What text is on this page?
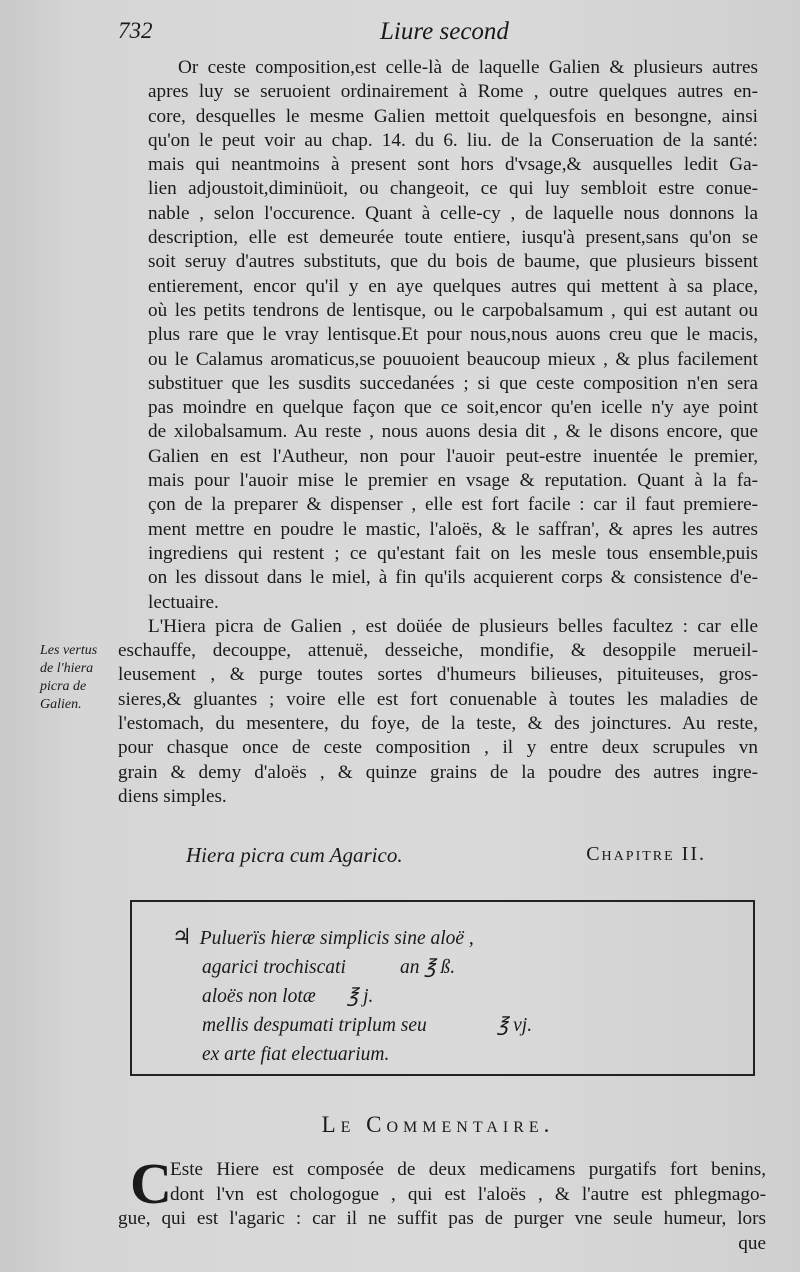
732	Liure second

Or ceste composition,est celle-là de laquelle Galien & plusieurs autres
apres luy se seruoient ordinairement à Rome , outre quelques autres en-
core, desquelles le mesme Galien mettoit quelquesfois en besongne, ainsi
qu'on le peut voir au chap. 14. du 6. liu. de la Conseruation de la santé:
mais qui neantmoins à present sont hors d'vsage,& ausquelles ledit Ga-
lien adjoustoit,diminüoit, ou changeoit, ce qui luy sembloit estre conue-
nable , selon l'occurence. Quant à celle-cy , de laquelle nous donnons la
description, elle est demeurée toute entiere, iusqu'à present,sans qu'on se
soit seruy d'autres substituts, que du bois de baume, que plusieurs bissent
entierement, encor qu'il y en aye quelques autres qui mettent à sa place,
où les petits tendrons de lentisque, ou le carpobalsamum , qui est autant ou
plus rare que le vray lentisque.Et pour nous,nous auons creu que le macis,
ou le Calamus aromaticus,se pouuoient beaucoup mieux , & plus facilement
substituer que les susdits succedanées ; si que ceste composition n'en sera
pas moindre en quelque façon que ce soit,encor qu'en icelle n'y aye point
de xilobalsamum. Au reste , nous auons desia dit , & le disons encore, que
Galien en est l'Autheur, non pour l'auoir peut-estre inuentée le premier,
mais pour l'auoir mise le premier en vsage & reputation. Quant à la fa-
çon de la preparer & dispenser , elle est fort facile : car il faut premiere-
ment mettre en poudre le mastic, l'aloës, & le saffran', & apres les autres
ingrediens qui restent ; ce qu'estant fait on les mesle tous ensemble,puis
on les dissout dans le miel, à fin qu'ils acquierent corps & consistence d'e-
lectuaire.

L'Hiera picra de Galien , est doüée de plusieurs belles facultez : car elle
eschauffe, decouppe, attenuë, desseiche, mondifie, & desoppile merueil-
leusement , & purge toutes sortes d'humeurs bilieuses, pituiteuses, gros-
sieres,& gluantes ; voire elle est fort conuenable à toutes les maladies de
l'estomach, du mesentere, du foye, de la teste, & des joinctures. Au reste,
pour chasque once de ceste composition , il y entre deux scrupules vn
grain & demy d'aloës , & quinze grains de la poudre des autres ingre-
diens simples.

Les vertus
de l'hiera
picra de
Galien.
Hiera picra cum Agarico.	Chapitre II.
♃ Puluerïs hieræ simplicis sine aloë ,
agarici trochiscati	an ℥ ß.
aloës non lotæ ℥ j.
mellis despumati triplum seu	℥ vj.
ex arte fiat electuarium.
Le Commentaire.
C
Este Hiere est composée de deux medicamens purgatifs fort benins,
dont l'vn est chologogue , qui est l'aloës , & l'autre est phlegmago-
gue, qui est l'agaric : car il ne suffit pas de purger vne seule humeur, lors
que
